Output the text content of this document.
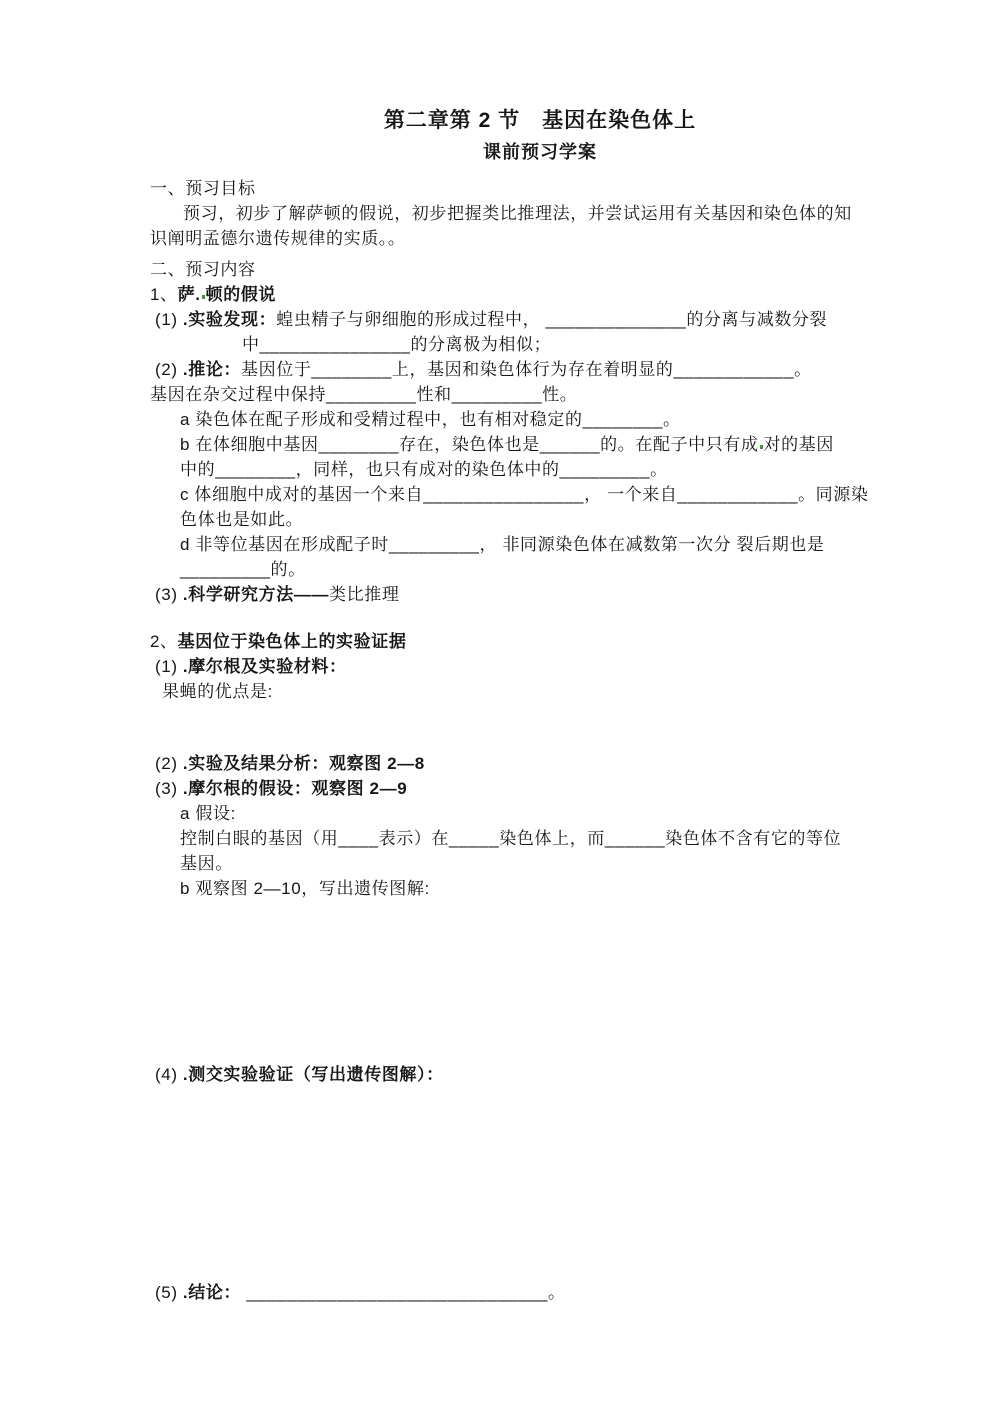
第二章第 2 节　基因在染色体上
课前预习学案
一、预习目标
预习，初步了解萨顿的假说，初步把握类比推理法，并尝试运用有关基因和染色体的知
识阐明孟德尔遗传规律的实质。。
二、预习内容
1、萨. 顿的假说
(1) .实验发现：蝗虫精子与卵细胞的形成过程中， ______________的分离与减数分裂
中_______________的分离极为相似；
(2) .推论：基因位于________上，基因和染色体行为存在着明显的____________。
基因在杂交过程中保持_________性和_________性。
a 染色体在配子形成和受精过程中，也有相对稳定的________。
b 在体细胞中基因________存在，染色体也是______的。在配子中只有成 对的基因
中的________，同样，也只有成对的染色体中的_________。
c 体细胞中成对的基因一个来自________________， 一个来自____________。同源染
色体也是如此。
d 非等位基因在形成配子时_________， 非同源染色体在减数第一次分 裂后期也是
_________的。
(3) .科学研究方法——类比推理
2、基因位于染色体上的实验证据
(1) .摩尔根及实验材料：
果蝇的优点是:
(2) .实验及结果分析：观察图 2—8
(3) .摩尔根的假设：观察图 2—9
a 假设:
控制白眼的基因（用____表示）在_____染色体上，而______染色体不含有它的等位
基因。
b 观察图 2—10，写出遗传图解:
(4) .测交实验验证（写出遗传图解）：
(5) .结论： ______________________________。
